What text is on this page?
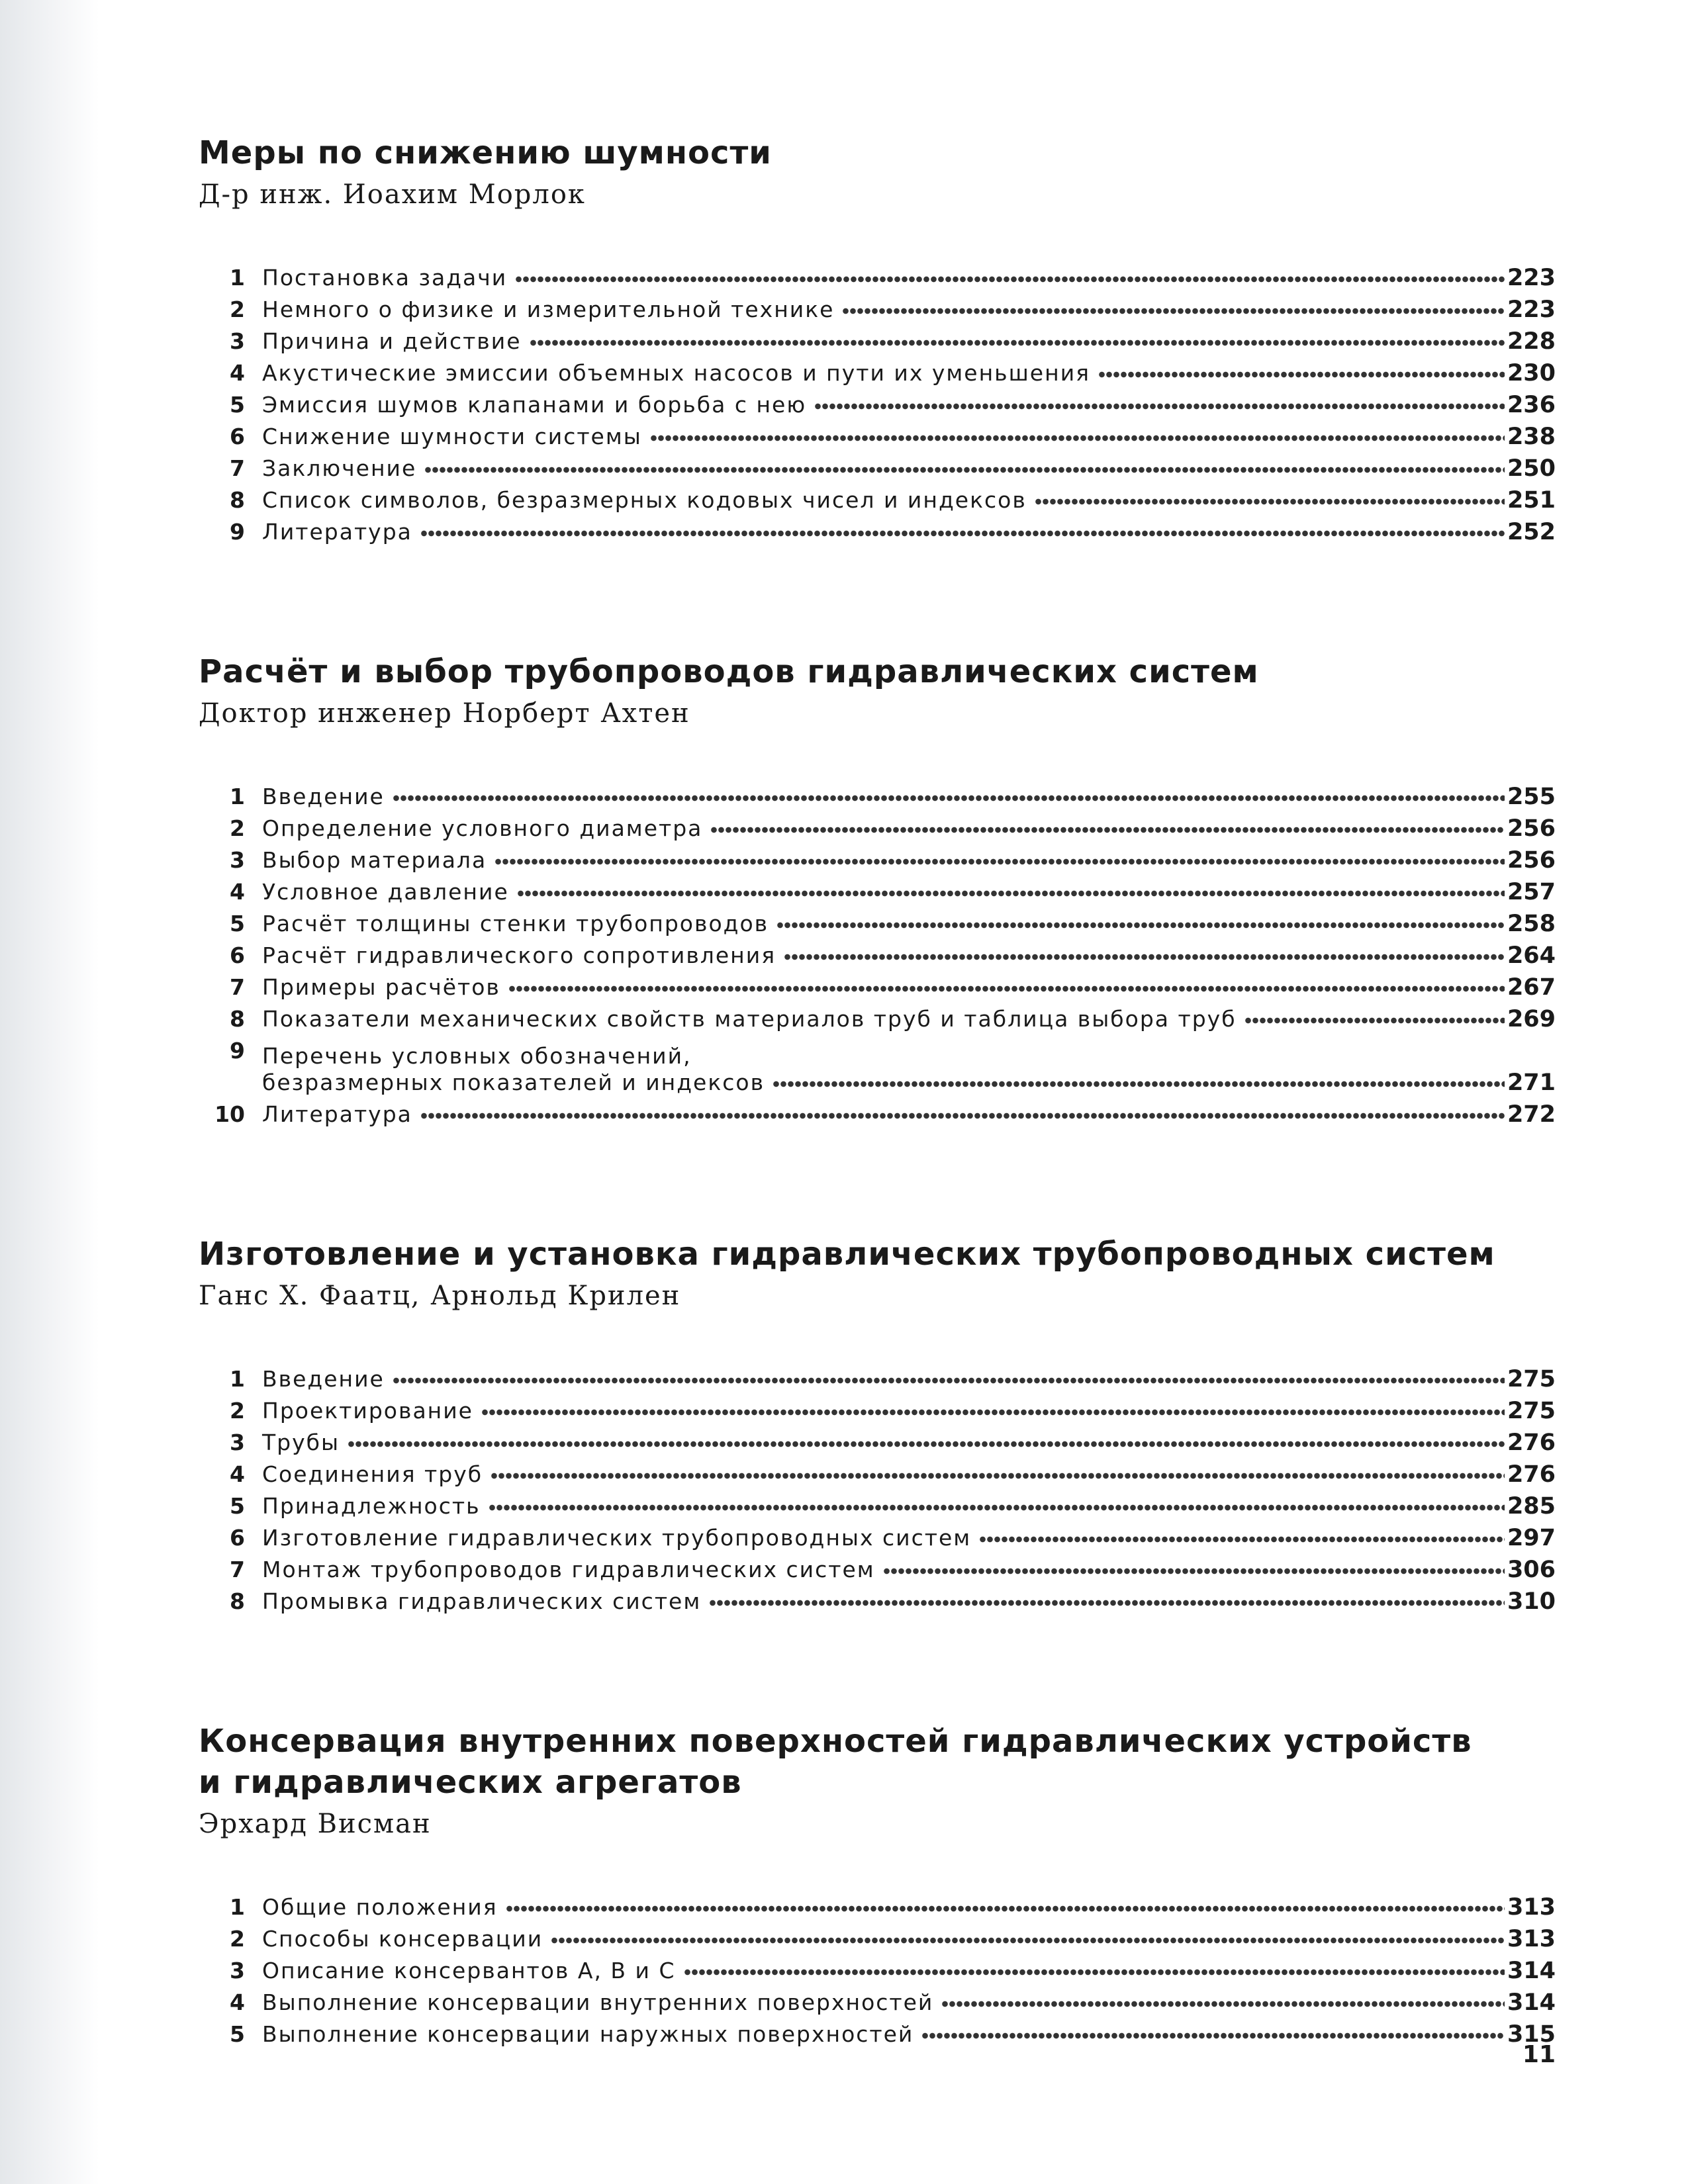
Меры по снижению шумности
Д-р инж. Иоахим Морлок
1 Постановка задачи	223
2 Немного о физике и измерительной технике	223
3 Причина и действие	228
4 Акустические эмиссии объемных насосов и пути их уменьшения	230
5 Эмиссия шумов клапанами и борьба с нею	236
6 Снижение шумности системы	238
7 Заключение	250
8 Список символов, безразмерных кодовых чисел и индексов	251
9 Литература	252
Расчёт и выбор трубопроводов гидравлических систем
Доктор инженер Норберт Ахтен
1 Введение	255
2 Определение условного диаметра	256
3 Выбор материала	256
4 Условное давление	257
5 Расчёт толщины стенки трубопроводов	258
6 Расчёт гидравлического сопротивления	264
7 Примеры расчётов	267
8 Показатели механических свойств материалов труб и таблица выбора труб	269
9 Перечень условных обозначений,
безразмерных показателей и индексов	271
10 Литература	272
Изготовление и установка гидравлических трубопроводных систем
Ганс Х. Фаатц, Арнольд Крилен
1 Введение	275
2 Проектирование	275
3 Трубы	276
4 Соединения труб	276
5 Принадлежность	285
6 Изготовление гидравлических трубопроводных систем	297
7 Монтаж трубопроводов гидравлических систем	306
8 Промывка гидравлических систем	310
Консервация внутренних поверхностей гидравлических устройств
и гидравлических агрегатов
Эрхард Висман
1 Общие положения	313
2 Способы консервации	313
3 Описание консервантов А, В и С	314
4 Выполнение консервации внутренних поверхностей	314
5 Выполнение консервации наружных поверхностей	315
11
